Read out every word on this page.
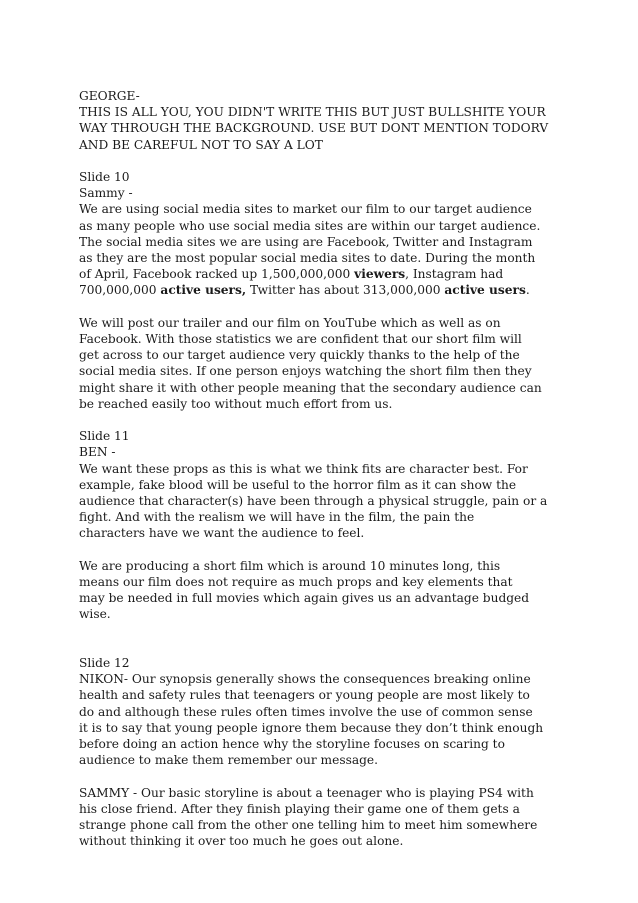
GEORGE-
THIS IS ALL YOU, YOU DIDN'T WRITE THIS BUT JUST BULLSHITE YOUR
WAY THROUGH THE BACKGROUND. USE BUT DONT MENTION TODORV
AND BE CAREFUL NOT TO SAY A LOT
Slide 10
Sammy -
We are using social media sites to market our film to our target audience
as many people who use social media sites are within our target audience.
The social media sites we are using are Facebook, Twitter and Instagram
as they are the most popular social media sites to date. During the month
of April, Facebook racked up 1,500,000,000 viewers, Instagram had
700,000,000 active users, Twitter has about 313,000,000 active users.
We will post our trailer and our film on YouTube which as well as on
Facebook. With those statistics we are confident that our short film will
get across to our target audience very quickly thanks to the help of the
social media sites. If one person enjoys watching the short film then they
might share it with other people meaning that the secondary audience can
be reached easily too without much effort from us.
Slide 11
BEN -
We want these props as this is what we think fits are character best. For
example, fake blood will be useful to the horror film as it can show the
audience that character(s) have been through a physical struggle, pain or a
fight. And with the realism we will have in the film, the pain the
characters have we want the audience to feel.
We are producing a short film which is around 10 minutes long, this
means our film does not require as much props and key elements that
may be needed in full movies which again gives us an advantage budged
wise.
Slide 12
NIKON- Our synopsis generally shows the consequences breaking online
health and safety rules that teenagers or young people are most likely to
do and although these rules often times involve the use of common sense
it is to say that young people ignore them because they don’t think enough
before doing an action hence why the storyline focuses on scaring to
audience to make them remember our message.
SAMMY - Our basic storyline is about a teenager who is playing PS4 with
his close friend. After they finish playing their game one of them gets a
strange phone call from the other one telling him to meet him somewhere
without thinking it over too much he goes out alone.
